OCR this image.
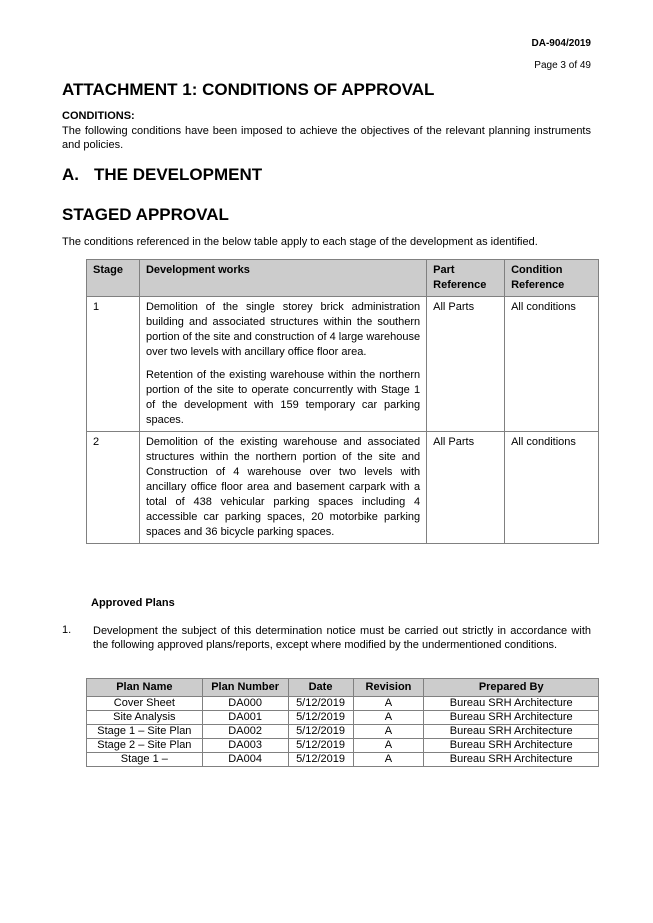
DA-904/2019
Page 3 of 49
ATTACHMENT 1: CONDITIONS OF APPROVAL
CONDITIONS:

The following conditions have been imposed to achieve the objectives of the relevant planning instruments and policies.

A. THE DEVELOPMENT
STAGED APPROVAL

The conditions referenced in the below table apply to each stage of the development as identified.

Stage	Development works	Part Reference	Condition Reference
1	Demolition of the single storey brick administration building and associated structures within the southern portion of the site and construction of 4 large warehouse over two levels with ancillary office floor area.

Retention of the existing warehouse within the northern portion of the site to operate concurrently with Stage 1 of the development with 159 temporary car parking spaces.	All Parts	All conditions
2	Demolition of the existing warehouse and associated structures within the northern portion of the site and Construction of 4 warehouse over two levels with ancillary office floor area and basement carpark with a total of 438 vehicular parking spaces including 4 accessible car parking spaces, 20 motorbike parking spaces and 36 bicycle parking spaces.	All Parts	All conditions
Approved Plans
1. Development the subject of this determination notice must be carried out strictly in accordance with the following approved plans/reports, except where modified by the undermentioned conditions.

Plan Name	Plan Number	Date	Revision	Prepared By
Cover Sheet	DA000	5/12/2019	A	Bureau SRH Architecture
Site Analysis	DA001	5/12/2019	A	Bureau SRH Architecture
Stage 1 – Site Plan	DA002	5/12/2019	A	Bureau SRH Architecture
Stage 2 – Site Plan	DA003	5/12/2019	A	Bureau SRH Architecture
Stage 1 –	DA004	5/12/2019	A	Bureau SRH Architecture
